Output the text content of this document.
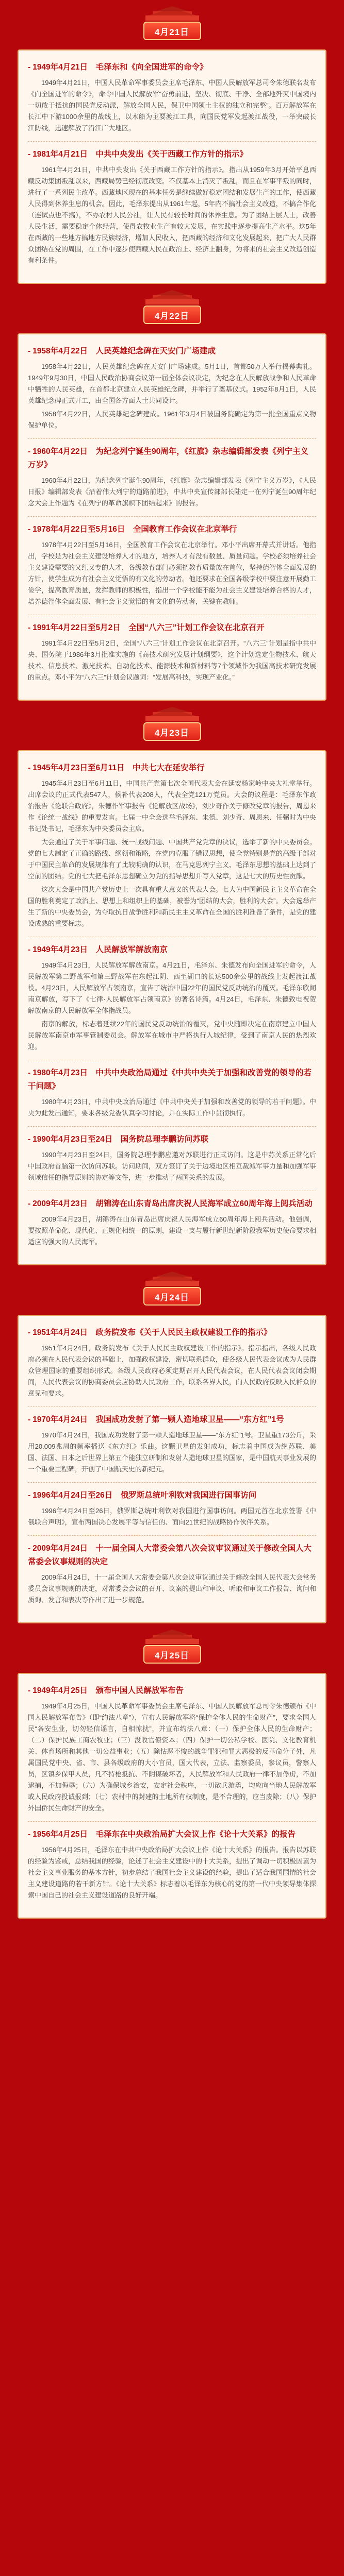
4月21日
- 1949年4月21日　毛泽东和《向全国进军的命令》

1949年4月21日，中国人民革命军事委员会主席毛泽东、中国人民解放军总司令朱德联名发布《向全国进军的命令》，命令中国人民解放军“奋勇前进，坚决、彻底、干净、全部地歼灭中国境内一切敢于抵抗的国民党反动派，解放全国人民，保卫中国领土主权的独立和完整”。百万解放军在长江中下游1000余里的战线上，以木船为主要渡江工具，向国民党军发起渡江战役，一举突破长江防线，迅速解放了沿江广大地区。

- 1981年4月21日　中共中央发出《关于西藏工作方针的指示》

1961年4月21日，中共中央发出《关于西藏工作方针的指示》。指出从1959年3月开始平息西藏反动集团叛乱以来，西藏局势已经彻底改变。不仅基本上消灭了叛乱，而且在军事平叛的同时，进行了一系列民主改革。西藏地区现在的基本任务是继续做好稳定团结和发展生产的工作，使西藏人民得到休养生息的机会。因此，毛泽东提出从1961年起，5年内不搞社会主义改造，不搞合作化（连试点也不搞），不办农村人民公社，让人民有较长时间的休养生息。为了团结上层人士，改善人民生活，需要稳定个体经营，使得农牧业生产有较大发展，在实践中逐步提高生产水平。这5年在西藏的一些地方搞地方民族经济，增加人民收入，把西藏的经济和文化发展起来，把广大人民群众团结在党的周围，在工作中逐步使西藏人民在政治上、经济上翻身，为将来的社会主义改造创造有利条件。

4月22日
- 1958年4月22日　人民英雄纪念碑在天安门广场建成

1958年4月22日，人民英雄纪念碑在天安门广场建成。5月1日，首都50万人举行揭幕典礼。1949年9月30日，中国人民政治协商会议第一届全体会议决定，为纪念在人民解放战争和人民革命中牺牲的人民英雄，在首都北京建立人民英雄纪念碑，并举行了奠基仪式。1952年8月1日，人民英雄纪念碑正式开工，由全国各方面人士共同设计。

1958年4月22日，人民英雄纪念碑建成。1961年3月4日被国务院确定为第一批全国重点文物保护单位。

- 1960年4月22日　为纪念列宁诞生90周年，《红旗》杂志编辑部发表《列宁主义万岁》

1960年4月22日，为纪念列宁诞生90周年，《红旗》杂志编辑部发表《列宁主义万岁》，《人民日报》编辑部发表《沿着伟大列宁的道路前进》，中共中央宣传部部长陆定一在列宁诞生90周年纪念大会上作题为《在列宁的革命旗帜下团结起来》的报告。

- 1978年4月22日至5月16日　全国教育工作会议在北京举行

1978年4月22日至5月16日，全国教育工作会议在北京举行。邓小平出席开幕式并讲话。他指出，学校是为社会主义建设培养人才的地方，培养人才有没有数量、质量问题。学校必须培养社会主义建设需要的又红又专的人才，各级教育部门必须把教育质量放在首位，坚持德智体全面发展的方针，使学生成为有社会主义觉悟的有文化的劳动者。他还要求在全国各级学校中要注意开展勤工俭学，提高教育质量，发挥教师的积极性，指出一个学校能不能为社会主义建设培养合格的人才，培养德智体全面发展、有社会主义觉悟的有文化的劳动者，关键在教师。

- 1991年4月22日至5月2日　全国“八六三”计划工作会议在北京召开

1991年4月22日至5月2日，全国“八六三”计划工作会议在北京召开。“八六三”计划是指中共中央、国务院于1986年3月批准实施的《高技术研究发展计划纲要》，这个计划选定生物技术、航天技术、信息技术、激光技术、自动化技术、能源技术和新材料等7个领域作为我国高技术研究发展的重点。邓小平为“八六三”计划会议题词：“发展高科技，实现产业化。”

4月23日
- 1945年4月23日至6月11日　中共七大在延安举行

1945年4月23日至6月11日，中国共产党第七次全国代表大会在延安杨家岭中央大礼堂举行。出席会议的正式代表547人，候补代表208人，代表全党121万党员。大会的议程是：毛泽东作政治报告《论联合政府》，朱德作军事报告《论解放区战场》，刘少奇作关于修改党章的报告，周恩来作《论统一战线》的重要发言。七届一中全会选举毛泽东、朱德、刘少奇、周恩来、任弼时为中央书记处书记，毛泽东为中央委员会主席。

大会通过了关于军事问题、统一战线问题、中国共产党党章的决议，选举了新的中央委员会。党的七大制定了正确的路线、纲领和策略，在党内克服了错误思想，使全党特别是党的高级干部对于中国民主革命的发展规律有了比较明确的认识，在马克思列宁主义、毛泽东思想的基础上达到了空前的团结。党的七大把毛泽东思想确立为党的指导思想并写入党章，这是七大的历史性贡献。

这次大会是中国共产党历史上一次具有重大意义的代表大会。七大为中国新民主主义革命在全国的胜利奠定了政治上、思想上和组织上的基础，被誉为“团结的大会，胜利的大会”。大会选举产生了新的中央委员会，为夺取抗日战争胜利和新民主主义革命在全国的胜利准备了条件，是党的建设成熟的重要标志。

- 1949年4月23日　人民解放军解放南京

1949年4月23日，人民解放军解放南京。4月21日，毛泽东、朱德发布向全国进军的命令，人民解放军第二野战军和第三野战军在东起江阴、西至湖口的长达500余公里的战线上发起渡江战役。4月23日，人民解放军占领南京，宣告了统治中国22年的国民党反动统治的覆灭。毛泽东欣闻南京解放，写下了《七律·人民解放军占领南京》的著名诗篇。4月24日，毛泽东、朱德致电祝贺解放南京的人民解放军全体指战员。

南京的解放，标志着延续22年的国民党反动统治的覆灭，党中央随即决定在南京建立中国人民解放军南京市军事管制委员会。解放军在城市中严格执行入城纪律，受到了南京人民的热烈欢迎。

- 1980年4月23日　中共中央政治局通过《中共中央关于加强和改善党的领导的若干问题》

1980年4月23日，中共中央政治局通过《中共中央关于加强和改善党的领导的若干问题》。中央为此发出通知，要求各级党委认真学习讨论，并在实际工作中贯彻执行。

- 1990年4月23日至24日　国务院总理李鹏访问苏联

1990年4月23日至24日，国务院总理李鹏应邀对苏联进行正式访问。这是中苏关系正常化后中国政府首脑第一次访问苏联。访问期间，双方签订了关于边境地区相互裁减军事力量和加强军事领域信任的指导原则的协定等文件，进一步推动了两国关系的发展。

- 2009年4月23日　胡锦涛在山东青岛出席庆祝人民海军成立60周年海上阅兵活动

2009年4月23日，胡锦涛在山东青岛出席庆祝人民海军成立60周年海上阅兵活动。他强调，要按照革命化、现代化、正规化相统一的原则，建设一支与履行新世纪新阶段我军历史使命要求相适应的强大的人民海军。

4月24日
- 1951年4月24日　政务院发布《关于人民民主政权建设工作的指示》

1951年4月24日，政务院发布《关于人民民主政权建设工作的指示》。指示指出，各级人民政府必须在人民代表会议的基础上，加强政权建设，密切联系群众，使各级人民代表会议成为人民群众管理国家的重要组织形式。各级人民政府必须定期召开人民代表会议，在人民代表会议闭会期间，人民代表会议的协商委员会应协助人民政府工作，联系各界人民，向人民政府反映人民群众的意见和要求。

- 1970年4月24日　我国成功发射了第一颗人造地球卫星——“东方红”1号

1970年4月24日，我国成功发射了第一颗人造地球卫星——“东方红”1号。卫星重173公斤，采用20.009兆周的频率播送《东方红》乐曲。这颗卫星的发射成功，标志着中国成为继苏联、美国、法国、日本之后世界上第五个能独立研制和发射人造地球卫星的国家，是中国航天事业发展的一个重要里程碑，开创了中国航天史的新纪元。

- 1996年4月24日至26日　俄罗斯总统叶利钦对我国进行国事访问

1996年4月24日至26日，俄罗斯总统叶利钦对我国进行国事访问。两国元首在北京签署《中俄联合声明》，宣布两国决心发展平等与信任的、面向21世纪的战略协作伙伴关系。

- 2009年4月24日　十一届全国人大常委会第八次会议审议通过关于修改全国人大常委会议事规则的决定

2009年4月24日，十一届全国人大常委会第八次会议审议通过关于修改全国人民代表大会常务委员会议事规则的决定，对常委会会议的召开、议案的提出和审议、听取和审议工作报告、询问和质询、发言和表决等作出了进一步规范。

4月25日
- 1949年4月25日　颁布中国人民解放军布告

1949年4月25日，中国人民革命军事委员会主席毛泽东、中国人民解放军总司令朱德颁布《中国人民解放军布告》（即“约法八章”），宣布人民解放军将“保护全体人民的生命财产”，要求全国人民“各安生业，切勿轻信谣言，自相惊扰”，并宣布约法八章：（一）保护全体人民的生命财产；（二）保护民族工商农牧业；（三）没收官僚资本；（四）保护一切公私学校、医院、文化教育机关、体育场所和其他一切公益事业；（五）除怙恶不悛的战争罪犯和罪大恶极的反革命分子外，凡属国民党中央、省、市、县各级政府的大小官员，国大代表，立法、监察委员，参议员，警察人员，区镇乡保甲人员，凡不持枪抵抗、不阴谋破坏者，人民解放军和人民政府一律不加俘虏，不加逮捕，不加侮辱；（六）为确保城乡治安，安定社会秩序，一切散兵游勇，均应向当地人民解放军或人民政府投诚报到；（七）农村中的封建的土地所有权制度，是不合理的，应当废除；（八）保护外国侨民生命财产的安全。

- 1956年4月25日　毛泽东在中央政治局扩大会议上作《论十大关系》的报告

1956年4月25日，毛泽东在中共中央政治局扩大会议上作《论十大关系》的报告。报告以苏联的经验为鉴戒，总结我国的经验，论述了社会主义建设中的十大关系，提出了调动一切积极因素为社会主义事业服务的基本方针，初步总结了我国社会主义建设的经验，提出了适合我国国情的社会主义建设道路的若干新方针。《论十大关系》标志着以毛泽东为核心的党的第一代中央领导集体探索中国自己的社会主义建设道路的良好开端。
